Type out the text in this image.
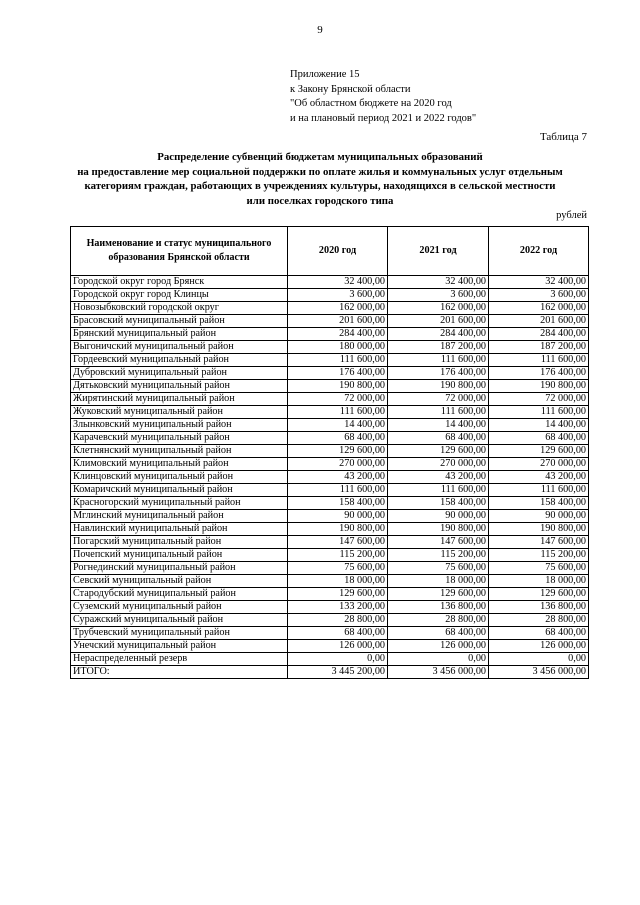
9
Приложение 15
к Закону Брянской области
"Об областном бюджете на 2020 год
и на плановый период 2021 и 2022 годов"
Таблица 7
Распределение субвенций бюджетам муниципальных образований
на предоставление мер социальной поддержки по оплате жилья и коммунальных услуг отдельным
категориям граждан, работающих в учреждениях культуры, находящихся в сельской местности
или поселках городского типа
рублей
Наименование и статус муниципального образования Брянской области	2020 год	2021 год	2022 год
Городской округ город Брянск	32 400,00	32 400,00	32 400,00
Городской округ город Клинцы	3 600,00	3 600,00	3 600,00
Новозыбковский городской округ	162 000,00	162 000,00	162 000,00
Брасовский муниципальный район	201 600,00	201 600,00	201 600,00
Брянский муниципальный район	284 400,00	284 400,00	284 400,00
Выгоничский муниципальный район	180 000,00	187 200,00	187 200,00
Гордеевский муниципальный район	111 600,00	111 600,00	111 600,00
Дубровский муниципальный район	176 400,00	176 400,00	176 400,00
Дятьковский муниципальный район	190 800,00	190 800,00	190 800,00
Жирятинский муниципальный район	72 000,00	72 000,00	72 000,00
Жуковский муниципальный район	111 600,00	111 600,00	111 600,00
Злынковский муниципальный район	14 400,00	14 400,00	14 400,00
Карачевский муниципальный район	68 400,00	68 400,00	68 400,00
Клетнянский муниципальный район	129 600,00	129 600,00	129 600,00
Климовский муниципальный район	270 000,00	270 000,00	270 000,00
Клинцовский муниципальный район	43 200,00	43 200,00	43 200,00
Комаричский муниципальный район	111 600,00	111 600,00	111 600,00
Красногорский муниципальный район	158 400,00	158 400,00	158 400,00
Мглинский муниципальный район	90 000,00	90 000,00	90 000,00
Навлинский муниципальный район	190 800,00	190 800,00	190 800,00
Погарский муниципальный район	147 600,00	147 600,00	147 600,00
Почепский муниципальный район	115 200,00	115 200,00	115 200,00
Рогнединский муниципальный район	75 600,00	75 600,00	75 600,00
Севский муниципальный район	18 000,00	18 000,00	18 000,00
Стародубский муниципальный район	129 600,00	129 600,00	129 600,00
Суземский муниципальный район	133 200,00	136 800,00	136 800,00
Суражский муниципальный район	28 800,00	28 800,00	28 800,00
Трубчевский муниципальный район	68 400,00	68 400,00	68 400,00
Унечский муниципальный район	126 000,00	126 000,00	126 000,00
Нераспределенный резерв	0,00	0,00	0,00
ИТОГО:	3 445 200,00	3 456 000,00	3 456 000,00
